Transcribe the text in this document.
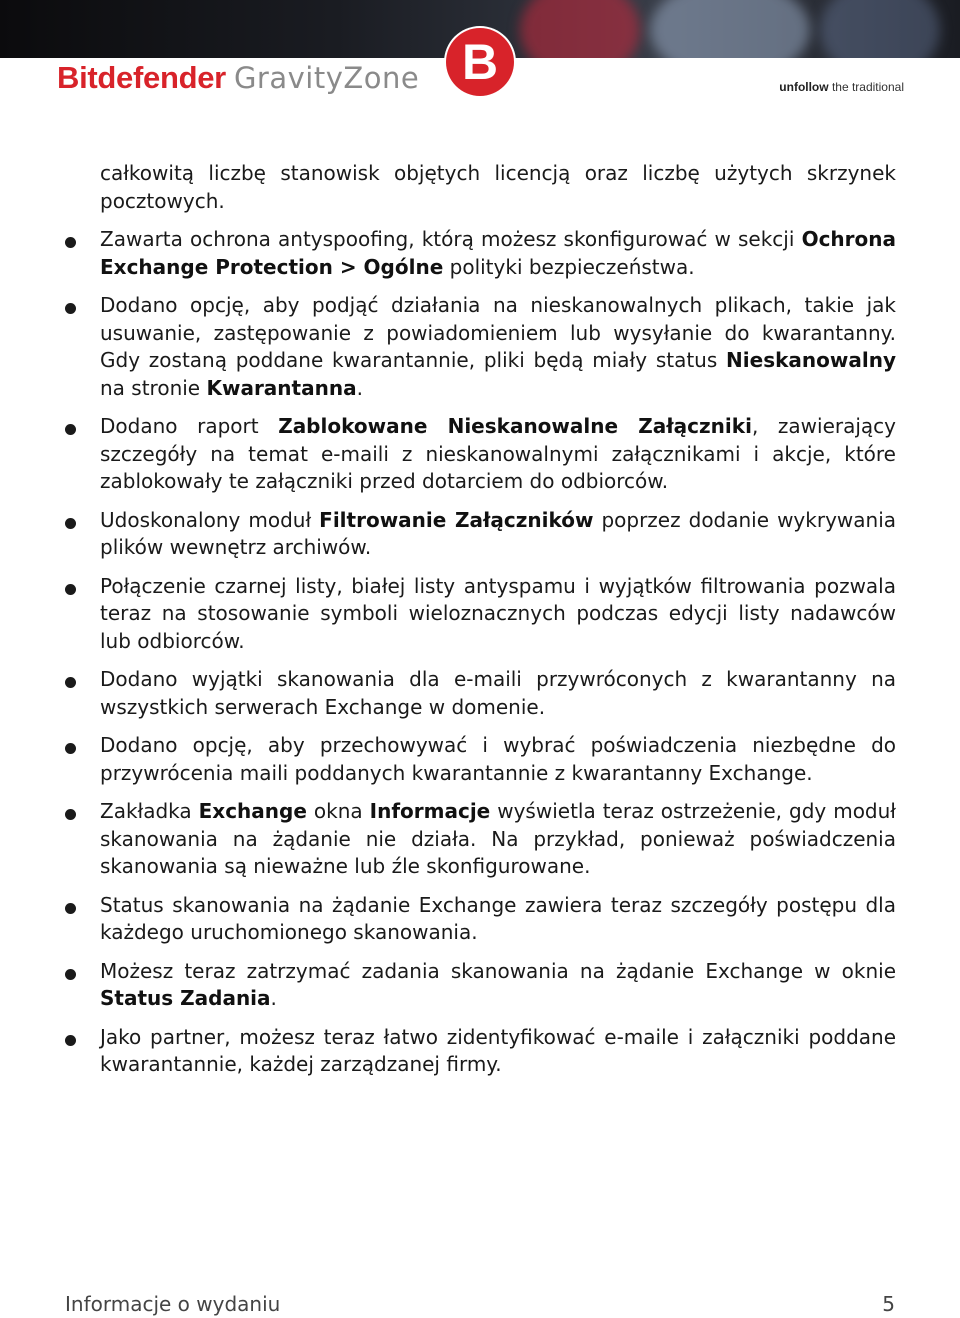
Bitdefender GravityZone B	unfollow the traditional

całkowitą liczbę stanowisk objętych licencją oraz liczbę użytych skrzynek pocztowych.

Zawarta ochrona antyspoofing, którą możesz skonfigurować w sekcji Ochrona Exchange Protection > Ogólne polityki bezpieczeństwa.
Dodano opcję, aby podjąć działania na nieskanowalnych plikach, takie jak usuwanie, zastępowanie z powiadomieniem lub wysyłanie do kwarantanny. Gdy zostaną poddane kwarantannie, pliki będą miały status Nieskanowalny na stronie Kwarantanna.
Dodano raport Zablokowane Nieskanowalne Załączniki, zawierający szczegóły na temat e-maili z nieskanowalnymi załącznikami i akcje, które zablokowały te załączniki przed dotarciem do odbiorców.
Udoskonalony moduł Filtrowanie Załączników poprzez dodanie wykrywania plików wewnętrz archiwów.
Połączenie czarnej listy, białej listy antyspamu i wyjątków filtrowania pozwala teraz na stosowanie symboli wieloznacznych podczas edycji listy nadawców lub odbiorców.
Dodano wyjątki skanowania dla e-maili przywróconych z kwarantanny na wszystkich serwerach Exchange w domenie.
Dodano opcję, aby przechowywać i wybrać poświadczenia niezbędne do przywrócenia maili poddanych kwarantannie z kwarantanny Exchange.
Zakładka Exchange okna Informacje wyświetla teraz ostrzeżenie, gdy moduł skanowania na żądanie nie działa. Na przykład, ponieważ poświadczenia skanowania są nieważne lub źle skonfigurowane.
Status skanowania na żądanie Exchange zawiera teraz szczegóły postępu dla każdego uruchomionego skanowania.
Możesz teraz zatrzymać zadania skanowania na żądanie Exchange w oknie Status Zadania.
Jako partner, możesz teraz łatwo zidentyfikować e-maile i załączniki poddane kwarantannie, każdej zarządzanej firmy.
Informacje o wydaniu	5
